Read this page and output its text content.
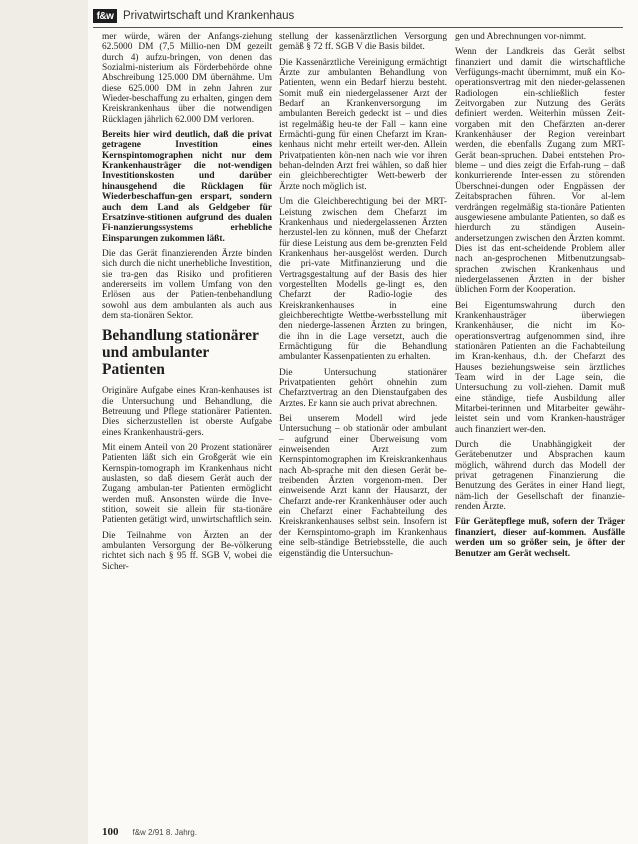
f&w Privatwirtschaft und Krankenhaus

mer würde, wären der Anfangs-ziehung 62.5000 DM (7,5 Millio-nen DM gezeilt durch 4) aufzu-bringen, von denen das Sozialmi-nisterium als Förderbehörde ohne Abschreibung 125.000 DM übernähme. Um diese 625.000 DM in zehn Jahren zur Wieder-beschaffung zu erhalten, gingen dem Kreiskrankenhaus über die notwendigen Rücklagen jährlich 62.000 DM verloren.

Bereits hier wird deutlich, daß die privat getragene Investition eines Kernspintomographen nicht nur dem Krankenhausträger die not-wendigen Investitionskosten und darüber hinausgehend die Rücklagen für Wiederbeschaffun-gen erspart, sondern auch dem Land als Geldgeber für Ersatzinve-stitionen aufgrund des dualen Fi-nanzierungssystems erhebliche Einsparungen zukommen läßt.

Die das Gerät finanzierenden Ärzte binden sich durch die nicht unerhebliche Investition, sie tra-gen das Risiko und profitieren andererseits im vollem Umfang von den Erlösen aus der Patien-tenbehandlung sowohl aus dem ambulanten als auch aus dem sta-tionären Sektor.

Behandlung stationärer und ambulanter Patienten

Originäre Aufgabe eines Kran-kenhauses ist die Untersuchung und Behandlung, die Betreuung und Pflege stationärer Patienten. Dies sicherzustellen ist oberste Aufgabe eines Krankenhausträ-gers.

Mit einem Anteil von 20 Prozent stationärer Patienten läßt sich ein Großgerät wie ein Kernspin-tomograph im Krankenhaus nicht auslasten, so daß diesem Gerät auch der Zugang ambulan-ter Patienten ermöglicht werden muß. Ansonsten würde die Inve-stition, soweit sie allein für sta-tionäre Patienten getätigt wird, unwirtschaftlich sein.

Die Teilnahme von Ärzten an der ambulanten Versorgung der Be-völkerung richtet sich nach § 95 ff. SGB V, wobei die Sicher-

stellung der kassenärztlichen Versorgung gemäß § 72 ff. SGB V die Basis bildet.

Die Kassenärztliche Vereinigung ermächtigt Ärzte zur ambulanten Behandlung von Patienten, wenn ein Bedarf hierzu besteht. Somit muß ein niedergelassener Arzt der Bedarf an Krankenversorgung im ambulanten Bereich gedeckt ist – und dies ist regelmäßig heu-te der Fall – kann eine Ermächti-gung für einen Chefarzt im Kran-kenhaus nicht mehr erteilt wer-den. Allein Privatpatienten kön-nen nach wie vor ihren behan-delnden Arzt frei wählen, so daß hier ein gleichberechtigter Wett-bewerb der Ärzte noch möglich ist.

Um die Gleichberechtigung bei der MRT-Leistung zwischen dem Chefarzt im Krankenhaus und niedergelassenen Ärzten herzustel-len zu können, muß der Chefarzt für diese Leistung aus dem be-grenzten Feld Krankenhaus her-ausgelöst werden. Durch die pri-vate Mitfinanzierung und die Vertragsgestaltung auf der Basis des hier vorgestellten Modells ge-lingt es, den Chefarzt der Radio-logie des Kreiskrankenhauses in eine gleichberechtigte Wettbe-werbsstellung mit den niederge-lassenen Ärzten zu bringen, die ihn in die Lage versetzt, auch die Ermächtigung für die Behandlung ambulanter Kassenpatienten zu erhalten.

Die Untersuchung stationärer Privatpatienten gehört ohnehin zum Chefarztvertrag an den Dienstaufgaben des Arztes. Er kann sie auch privat abrechnen.

Bei unserem Modell wird jede Untersuchung – ob stationär oder ambulant – aufgrund einer Überweisung vom einweisenden Arzt zum Kernspintomographen im Kreiskrankenhaus nach Ab-sprache mit den diesen Gerät be-treibenden Ärzten vorgenom-men. Der einweisende Arzt kann der Hausarzt, der Chefarzt ande-rer Krankenhäuser oder auch ein Chefarzt einer Fachabteilung des Kreiskrankenhauses selbst sein. Insofern ist der Kernspintomo-graph im Krankenhaus eine selb-ständige Betriebsstelle, die auch eigenständig die Untersuchun-

gen und Abrechnungen vor-nimmt.

Wenn der Landkreis das Gerät selbst finanziert und damit die wirtschaftliche Verfügungs-macht übernimmt, muß ein Ko-operationsvertrag mit den nieder-gelassenen Radiologen ein-schließlich fester Zeitvorgaben zur Nutzung des Geräts definiert werden. Weiterhin müssen Zeit-vorgaben mit den Chefärzten an-derer Krankenhäuser der Region vereinbart werden, die ebenfalls Zugang zum MRT-Gerät bean-spruchen. Dabei entstehen Pro-bleme – und dies zeigt die Erfah-rung – daß konkurrierende Inter-essen zu störenden Überschnei-dungen oder Engpässen der Zeitabsprachen führen. Vor al-lem verdrängen regelmäßig sta-tionäre Patienten ausgewiesene ambulante Patienten, so daß es hierdurch zu ständigen Ausein-andersetzungen zwischen den Ärzten kommt. Dies ist das ent-scheidende Problem aller nach an-gesprochenen Mitbenutzungsab-sprachen zwischen Krankenhaus und niedergelassenen Ärzten in der bisher üblichen Form der Kooperation.

Bei Eigentumswahrung durch den Krankenhausträger überwiegen Krankenhäuser, die nicht im Ko-operationsvertrag aufgenommen sind, ihre stationären Patienten an die Fachabteilung im Kran-kenhaus, d.h. der Chefarzt des Hauses beziehungsweise sein ärztliches Team wird in der Lage sein, die Untersuchung zu voll-ziehen. Damit muß eine ständige, tiefe Ausbildung aller Mitarbei-terinnen und Mitarbeiter gewähr-leistet sein und vom Kranken-hausträger auch finanziert wer-den.

Durch die Unabhängigkeit der Gerätebenutzer und Absprachen kaum möglich, während durch das Modell der privat getragenen Finanzierung die Benutzung des Gerätes in einer Hand liegt, näm-lich der Gesellschaft der finanzie-renden Ärzte.

Für Gerätepflege muß, sofern der Träger finanziert, dieser auf-kommen. Ausfälle werden um so größer sein, je öfter der Benutzer am Gerät wechselt.

100 f&w 2/91 8. Jahrg.
